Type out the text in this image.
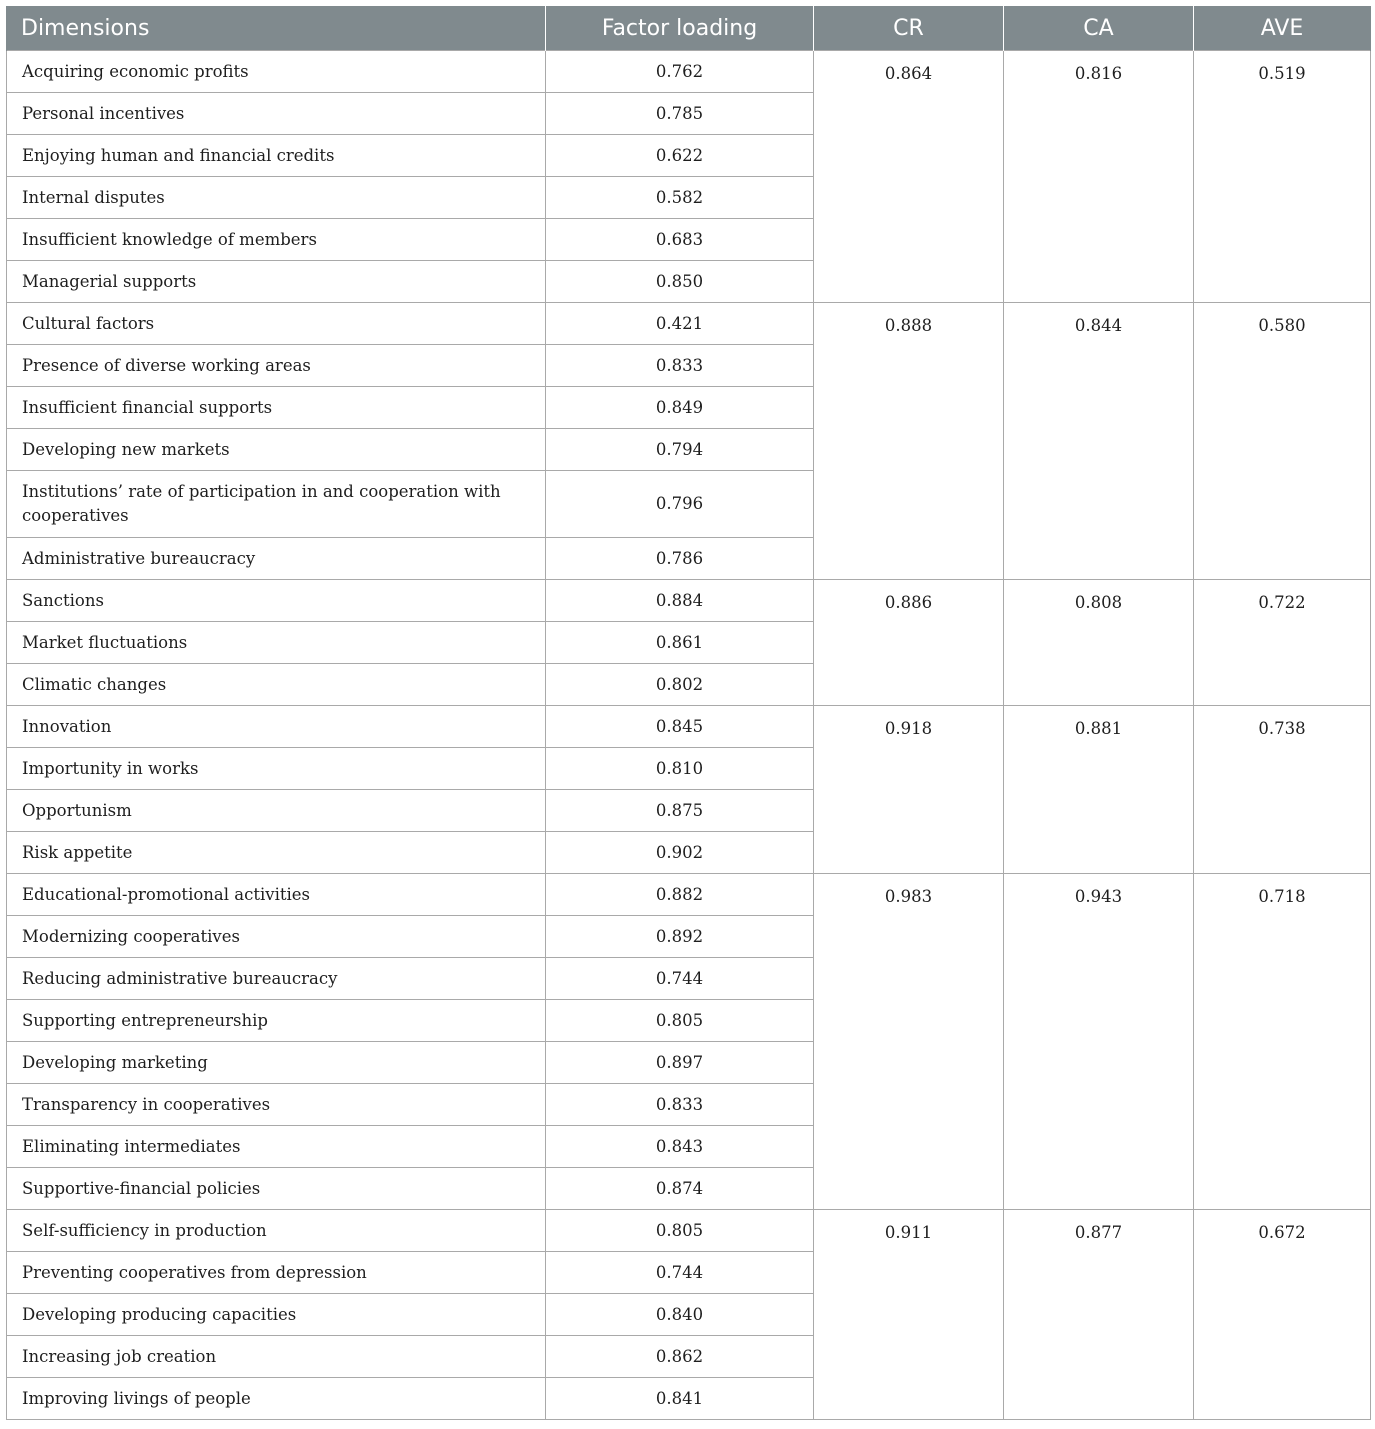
Dimensions	Factor loading	CR	CA	AVE
Acquiring economic profits	0.762	0.864	0.816	0.519
Personal incentives	0.785			
Enjoying human and financial credits	0.622			
Internal disputes	0.582			
Insufficient knowledge of members	0.683			
Managerial supports	0.850			
Cultural factors	0.421	0.888	0.844	0.580
Presence of diverse working areas	0.833			
Insufficient financial supports	0.849			
Developing new markets	0.794			
Institutions’ rate of participation in and cooperation with cooperatives	0.796			
Administrative bureaucracy	0.786			
Sanctions	0.884	0.886	0.808	0.722
Market fluctuations	0.861			
Climatic changes	0.802			
Innovation	0.845	0.918	0.881	0.738
Importunity in works	0.810			
Opportunism	0.875			
Risk appetite	0.902			
Educational-promotional activities	0.882	0.983	0.943	0.718
Modernizing cooperatives	0.892			
Reducing administrative bureaucracy	0.744			
Supporting entrepreneurship	0.805			
Developing marketing	0.897			
Transparency in cooperatives	0.833			
Eliminating intermediates	0.843			
Supportive-financial policies	0.874			
Self-sufficiency in production	0.805	0.911	0.877	0.672
Preventing cooperatives from depression	0.744			
Developing producing capacities	0.840			
Increasing job creation	0.862			
Improving livings of people	0.841			
